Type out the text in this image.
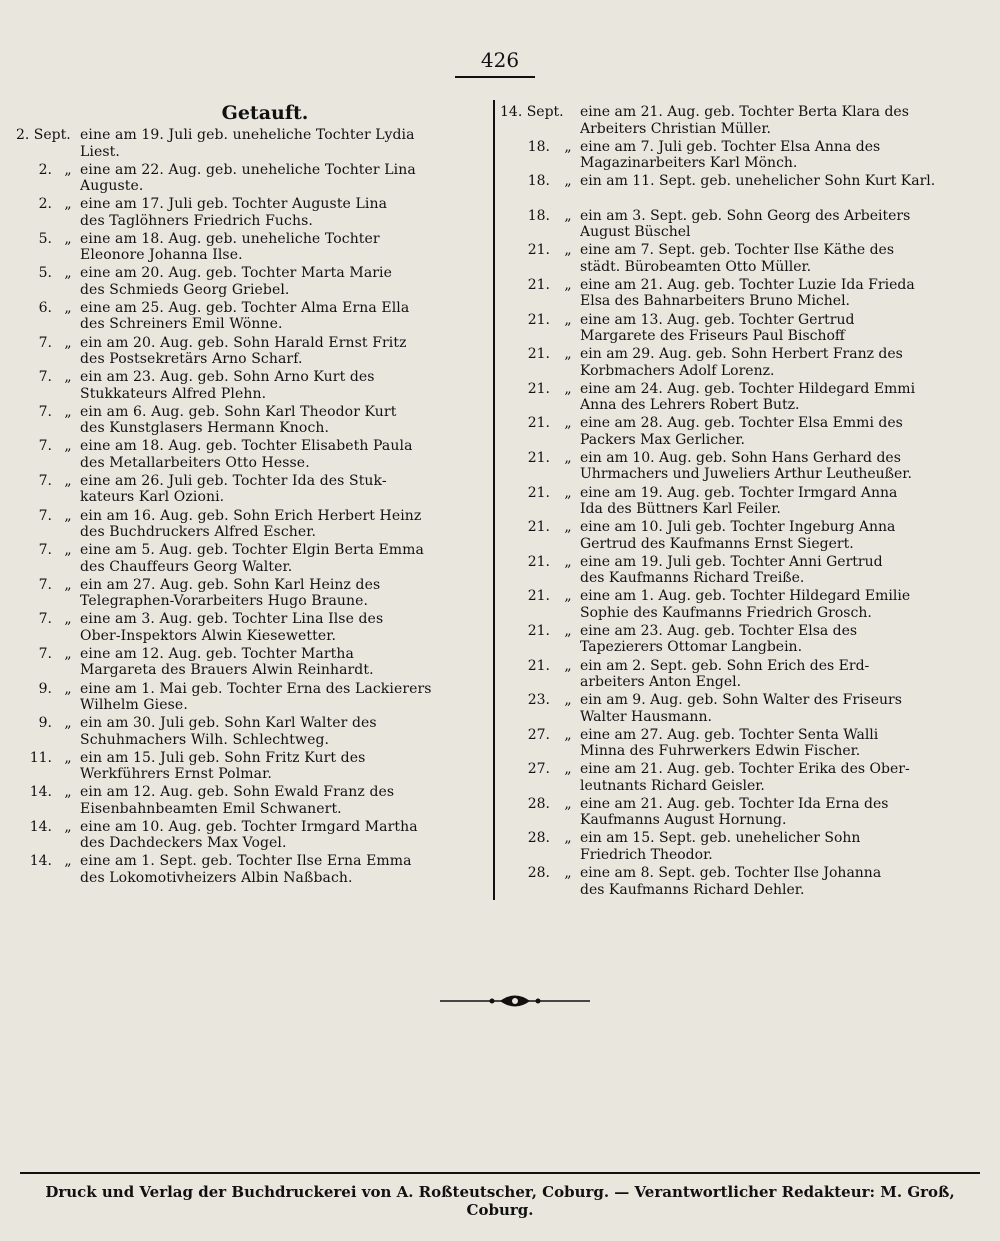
426
Getauft.
2. Sept. eine am 19. Juli geb. uneheliche Tochter Lydia
Liest.
2. „ eine am 22. Aug. geb. uneheliche Tochter Lina
Auguste.
2. „ eine am 17. Juli geb. Tochter Auguste Lina
des Taglöhners Friedrich Fuchs.
5. „ eine am 18. Aug. geb. uneheliche Tochter
Eleonore Johanna Ilse.
5. „ eine am 20. Aug. geb. Tochter Marta Marie
des Schmieds Georg Griebel.
6. „ eine am 25. Aug. geb. Tochter Alma Erna Ella
des Schreiners Emil Wönne.
7. „ ein am 20. Aug. geb. Sohn Harald Ernst Fritz
des Postsekretärs Arno Scharf.
7. „ ein am 23. Aug. geb. Sohn Arno Kurt des
Stukkateurs Alfred Plehn.
7. „ ein am 6. Aug. geb. Sohn Karl Theodor Kurt
des Kunstglasers Hermann Knoch.
7. „ eine am 18. Aug. geb. Tochter Elisabeth Paula
des Metallarbeiters Otto Hesse.
7. „ eine am 26. Juli geb. Tochter Ida des Stuk-
kateurs Karl Ozioni.
7. „ ein am 16. Aug. geb. Sohn Erich Herbert Heinz
des Buchdruckers Alfred Escher.
7. „ eine am 5. Aug. geb. Tochter Elgin Berta Emma
des Chauffeurs Georg Walter.
7. „ ein am 27. Aug. geb. Sohn Karl Heinz des
Telegraphen-Vorarbeiters Hugo Braune.
7. „ eine am 3. Aug. geb. Tochter Lina Ilse des
Ober-Inspektors Alwin Kiesewetter.
7. „ eine am 12. Aug. geb. Tochter Martha
Margareta des Brauers Alwin Reinhardt.
9. „ eine am 1. Mai geb. Tochter Erna des Lackierers
Wilhelm Giese.
9. „ ein am 30. Juli geb. Sohn Karl Walter des
Schuhmachers Wilh. Schlechtweg.
11. „ ein am 15. Juli geb. Sohn Fritz Kurt des
Werkführers Ernst Polmar.
14. „ ein am 12. Aug. geb. Sohn Ewald Franz des
Eisenbahnbeamten Emil Schwanert.
14. „ eine am 10. Aug. geb. Tochter Irmgard Martha
des Dachdeckers Max Vogel.
14. „ eine am 1. Sept. geb. Tochter Ilse Erna Emma
des Lokomotivheizers Albin Naßbach.
14. Sept. eine am 21. Aug. geb. Tochter Berta Klara des
Arbeiters Christian Müller.
18.	„ eine am 7. Juli geb. Tochter Elsa Anna des
Magazinarbeiters Karl Mönch.
18.	„ ein am 11. Sept. geb. unehelicher Sohn Kurt Karl.
18.	„ ein am 3. Sept. geb. Sohn Georg des Arbeiters
August Büschel
21.	„ eine am 7. Sept. geb. Tochter Ilse Käthe des
städt. Bürobeamten Otto Müller.
21.	„ eine am 21. Aug. geb. Tochter Luzie Ida Frieda
Elsa des Bahnarbeiters Bruno Michel.
21.	„ eine am 13. Aug. geb. Tochter Gertrud
Margarete des Friseurs Paul Bischoff
21.	„ ein am 29. Aug. geb. Sohn Herbert Franz des
Korbmachers Adolf Lorenz.
21.	„ eine am 24. Aug. geb. Tochter Hildegard Emmi
Anna des Lehrers Robert Butz.
21.	„ eine am 28. Aug. geb. Tochter Elsa Emmi des
Packers Max Gerlicher.
21.	„ ein am 10. Aug. geb. Sohn Hans Gerhard des
Uhrmachers und Juweliers Arthur Leutheußer.
21.	„ eine am 19. Aug. geb. Tochter Irmgard Anna
Ida des Büttners Karl Feiler.
21.	„ eine am 10. Juli geb. Tochter Ingeburg Anna
Gertrud des Kaufmanns Ernst Siegert.
21.	„ eine am 19. Juli geb. Tochter Anni Gertrud
des Kaufmanns Richard Treiße.
21.	„ eine am 1. Aug. geb. Tochter Hildegard Emilie
Sophie des Kaufmanns Friedrich Grosch.
21.	„ eine am 23. Aug. geb. Tochter Elsa des
Tapezierers Ottomar Langbein.
21.	„ ein am 2. Sept. geb. Sohn Erich des Erd-
arbeiters Anton Engel.
23.	„ ein am 9. Aug. geb. Sohn Walter des Friseurs
Walter Hausmann.
27.	„ eine am 27. Aug. geb. Tochter Senta Walli
Minna des Fuhrwerkers Edwin Fischer.
27.	„ eine am 21. Aug. geb. Tochter Erika des Ober-
leutnants Richard Geisler.
28.	„ eine am 21. Aug. geb. Tochter Ida Erna des
Kaufmanns August Hornung.
28.	„ ein am 15. Sept. geb. unehelicher Sohn
Friedrich Theodor.
28.	„ eine am 8. Sept. geb. Tochter Ilse Johanna
des Kaufmanns Richard Dehler.
Druck und Verlag der Buchdruckerei von A. Roßteutscher, Coburg. — Verantwortlicher Redakteur: M. Groß, Coburg.
